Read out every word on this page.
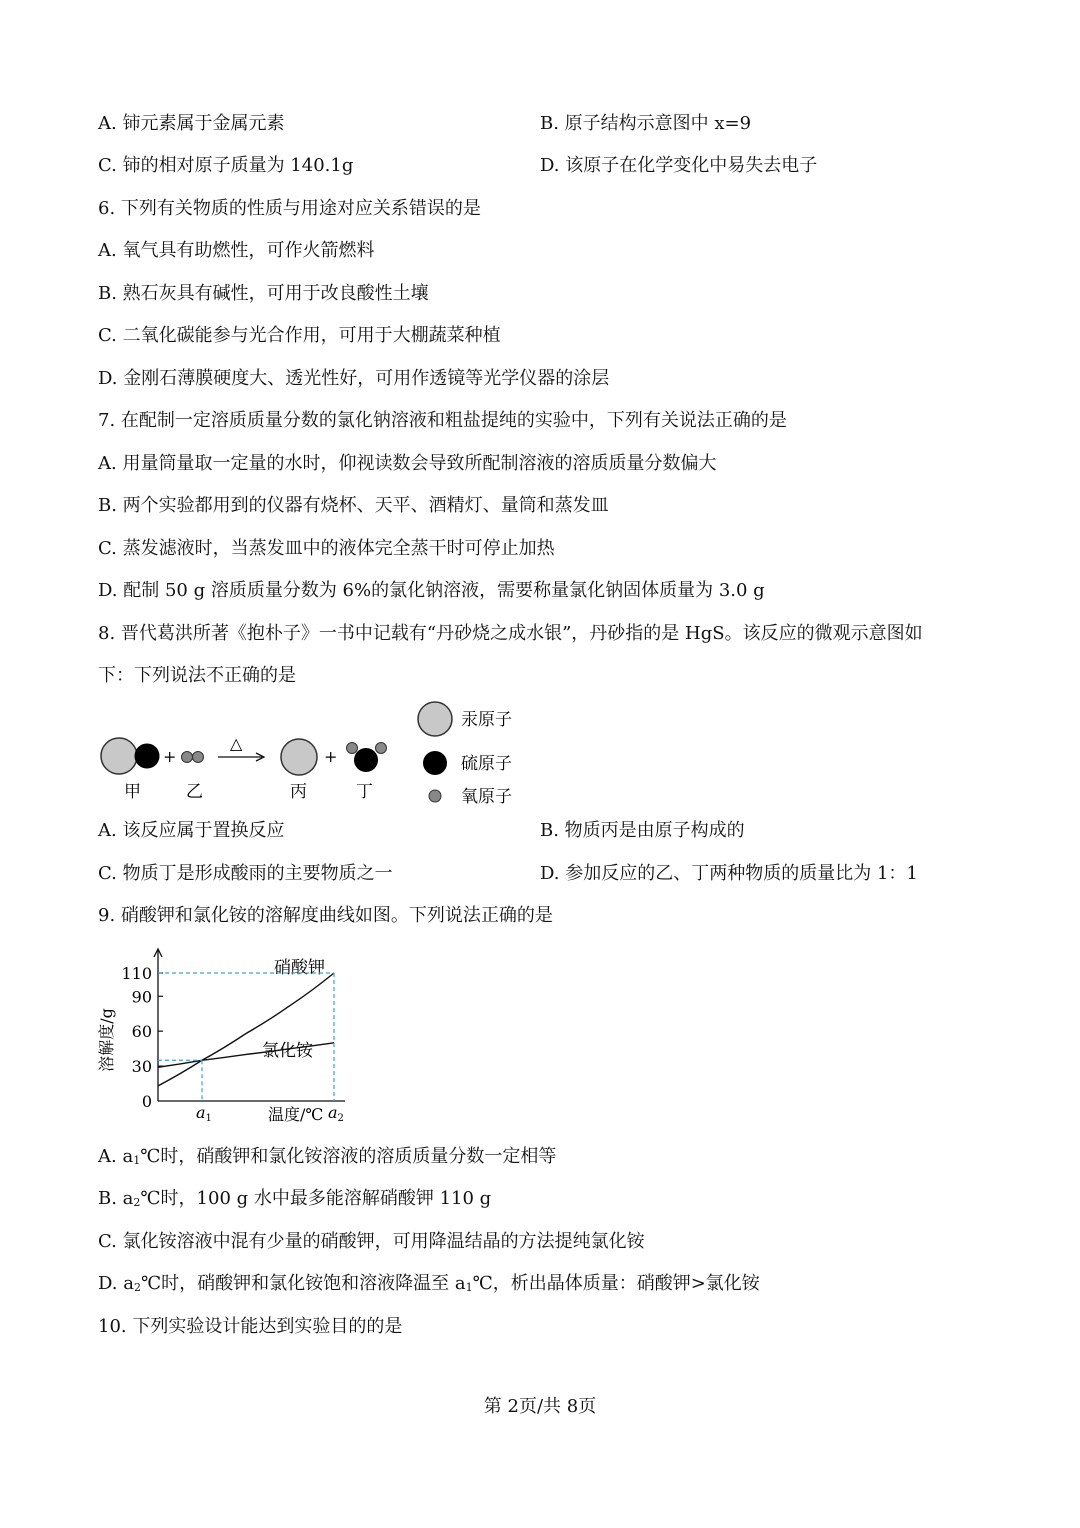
A. 铈元素属于金属元素	B. 原子结构示意图中 x=9
C. 铈的相对原子质量为 140.1g	D. 该原子在化学变化中易失去电子
6. 下列有关物质的性质与用途对应关系错误的是
A. 氧气具有助燃性，可作火箭燃料
B. 熟石灰具有碱性，可用于改良酸性土壤
C. 二氧化碳能参与光合作用，可用于大棚蔬菜种植
D. 金刚石薄膜硬度大、透光性好，可用作透镜等光学仪器的涂层
7. 在配制一定溶质质量分数的氯化钠溶液和粗盐提纯的实验中，下列有关说法正确的是
A. 用量筒量取一定量的水时，仰视读数会导致所配制溶液的溶质质量分数偏大
B. 两个实验都用到的仪器有烧杯、天平、酒精灯、量筒和蒸发皿
C. 蒸发滤液时，当蒸发皿中的液体完全蒸干时可停止加热
D. 配制 50 g 溶质质量分数为 6%的氯化钠溶液，需要称量氯化钠固体质量为 3.0 g
8. 晋代葛洪所著《抱朴子》一书中记载有“丹砂烧之成水银”，丹砂指的是 HgS。该反应的微观示意图如
下：下列说法不正确的是
+
△
+
甲	乙	丙	丁
汞原子
硫原子
氧原子
A. 该反应属于置换反应	B. 物质丙是由原子构成的
C. 物质丁是形成酸雨的主要物质之一	D. 参加反应的乙、丁两种物质的质量比为 1：1
9. 硝酸钾和氯化铵的溶解度曲线如图。下列说法正确的是
溶解度/g
温度/℃
硝酸钾
氯化铵
0
30
60
90
110
a1	a2
A. $a_1℃$时，硝酸钾和氯化铵溶液的溶质质量分数一定相等
B. $a_2℃$时，100 g 水中最多能溶解硝酸钾 110 g
C. 氯化铵溶液中混有少量的硝酸钾，可用降温结晶的方法提纯氯化铵
D. $a_2℃$时，硝酸钾和氯化铵饱和溶液降温至 $a_1℃$，析出晶体质量：硝酸钾>氯化铵
10. 下列实验设计能达到实验目的的是
第 2页/共 8页
